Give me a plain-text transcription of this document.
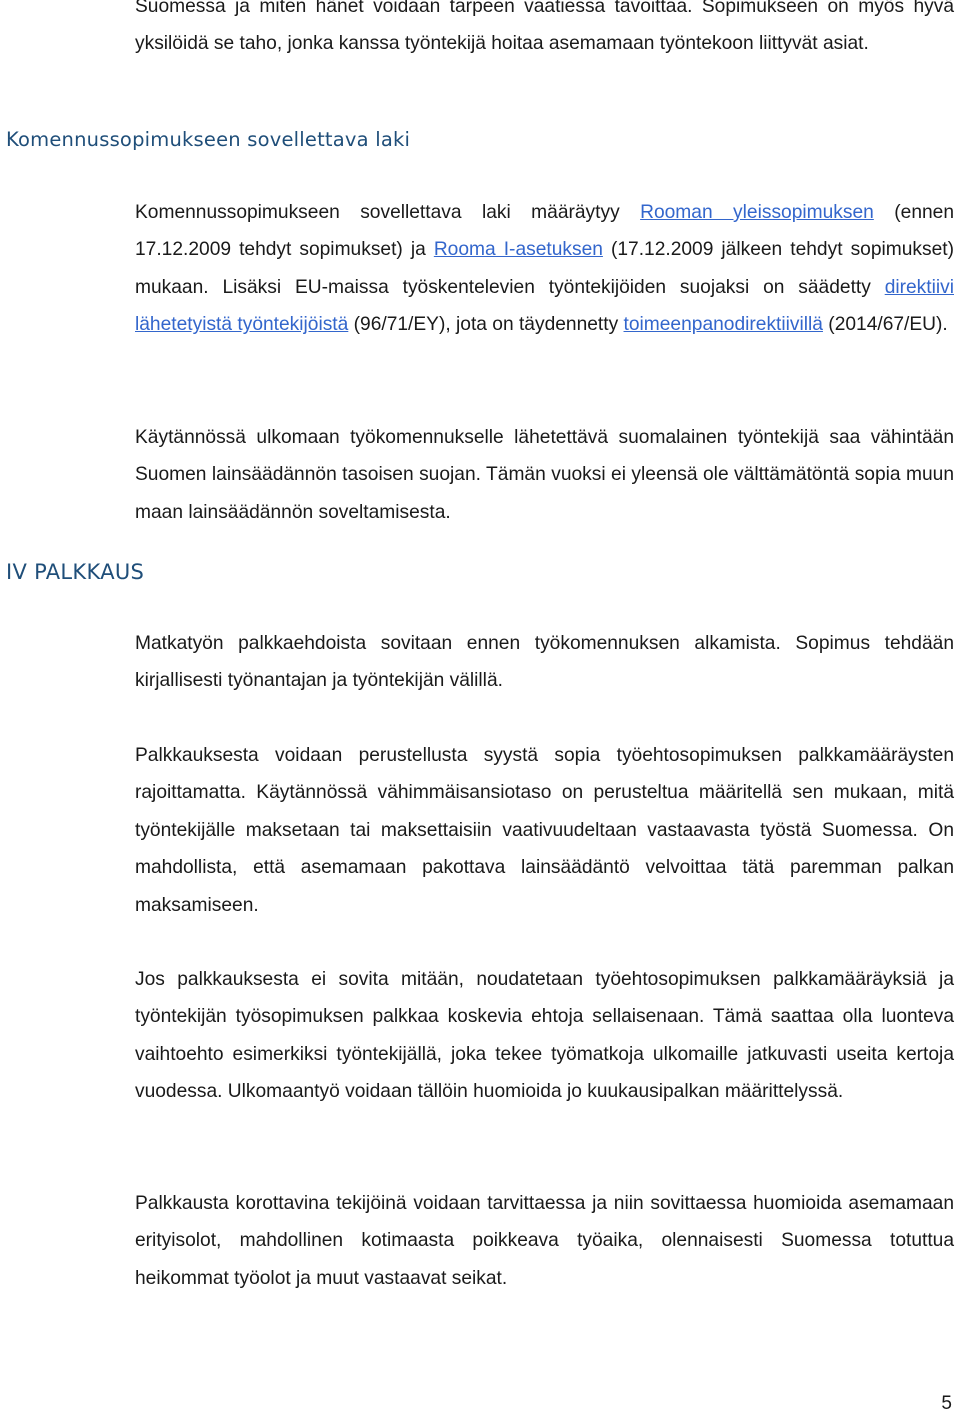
Suomessa ja miten hänet voidaan tarpeen vaatiessa tavoittaa. Sopimukseen on myös hyvä yksilöidä se taho, jonka kanssa työntekijä hoitaa asemamaan työntekoon liittyvät asiat.

Komennussopimukseen sovellettava laki

Komennussopimukseen sovellettava laki määräytyy Rooman yleissopimuksen (ennen 17.12.2009 tehdyt sopimukset) ja Rooma I-asetuksen (17.12.2009 jälkeen tehdyt sopimukset) mukaan. Lisäksi EU-maissa työskentelevien työntekijöiden suojaksi on säädetty direktiivi lähetetyistä työntekijöistä (96/71/EY), jota on täydennetty toimeenpanodirektiivillä (2014/67/EU).

Käytännössä ulkomaan työkomennukselle lähetettävä suomalainen työntekijä saa vähintään Suomen lainsäädännön tasoisen suojan. Tämän vuoksi ei yleensä ole välttämätöntä sopia muun maan lainsäädännön soveltamisesta.

IV PALKKAUS

Matkatyön palkkaehdoista sovitaan ennen työkomennuksen alkamista. Sopimus tehdään kirjallisesti työnantajan ja työntekijän välillä.

Palkkauksesta voidaan perustellusta syystä sopia työehtosopimuksen palkkamääräysten rajoittamatta. Käytännössä vähimmäisansiotaso on perusteltua määritellä sen mukaan, mitä työntekijälle maksetaan tai maksettaisiin vaativuudeltaan vastaavasta työstä Suomessa. On mahdollista, että asemamaan pakottava lainsäädäntö velvoittaa tätä paremman palkan maksamiseen.

Jos palkkauksesta ei sovita mitään, noudatetaan työehtosopimuksen palkkamääräyksiä ja työntekijän työsopimuksen palkkaa koskevia ehtoja sellaisenaan. Tämä saattaa olla luonteva vaihtoehto esimerkiksi työntekijällä, joka tekee työmatkoja ulkomaille jatkuvasti useita kertoja vuodessa. Ulkomaantyö voidaan tällöin huomioida jo kuukausipalkan määrittelyssä.

Palkkausta korottavina tekijöinä voidaan tarvittaessa ja niin sovittaessa huomioida asemamaan erityisolot, mahdollinen kotimaasta poikkeava työaika, olennaisesti Suomessa totuttua heikommat työolot ja muut vastaavat seikat.

5
